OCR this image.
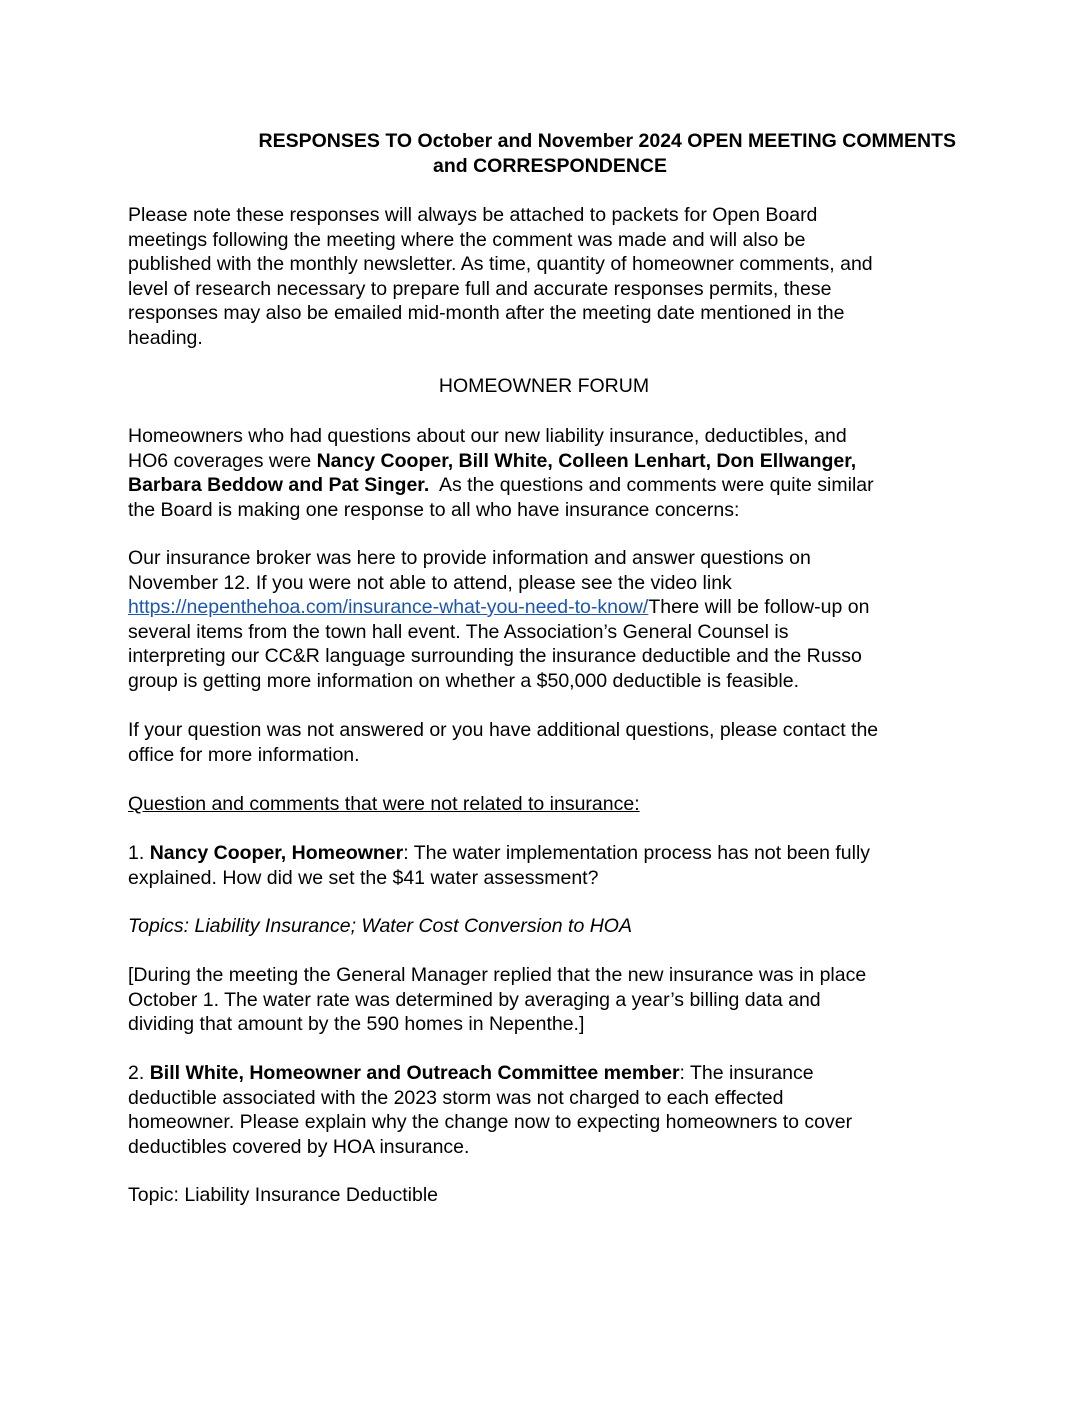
RESPONSES TO October and November 2024 OPEN MEETING COMMENTS
and CORRESPONDENCE
Please note these responses will always be attached to packets for Open Board
meetings following the meeting where the comment was made and will also be
published with the monthly newsletter. As time, quantity of homeowner comments, and
level of research necessary to prepare full and accurate responses permits, these
responses may also be emailed mid-month after the meeting date mentioned in the
heading.
HOMEOWNER FORUM
Homeowners who had questions about our new liability insurance, deductibles, and
HO6 coverages were Nancy Cooper, Bill White, Colleen Lenhart, Don Ellwanger,
Barbara Beddow and Pat Singer.  As the questions and comments were quite similar
the Board is making one response to all who have insurance concerns:
Our insurance broker was here to provide information and answer questions on
November 12. If you were not able to attend, please see the video link
https://nepenthehoa.com/insurance-what-you-need-to-know/There will be follow-up on
several items from the town hall event. The Association’s General Counsel is
interpreting our CC&R language surrounding the insurance deductible and the Russo
group is getting more information on whether a $50,000 deductible is feasible.
If your question was not answered or you have additional questions, please contact the
office for more information.
Question and comments that were not related to insurance:
1. Nancy Cooper, Homeowner: The water implementation process has not been fully
explained. How did we set the $41 water assessment?
Topics: Liability Insurance; Water Cost Conversion to HOA
[During the meeting the General Manager replied that the new insurance was in place
October 1. The water rate was determined by averaging a year’s billing data and
dividing that amount by the 590 homes in Nepenthe.]
2. Bill White, Homeowner and Outreach Committee member: The insurance
deductible associated with the 2023 storm was not charged to each effected
homeowner. Please explain why the change now to expecting homeowners to cover
deductibles covered by HOA insurance.
Topic: Liability Insurance Deductible
